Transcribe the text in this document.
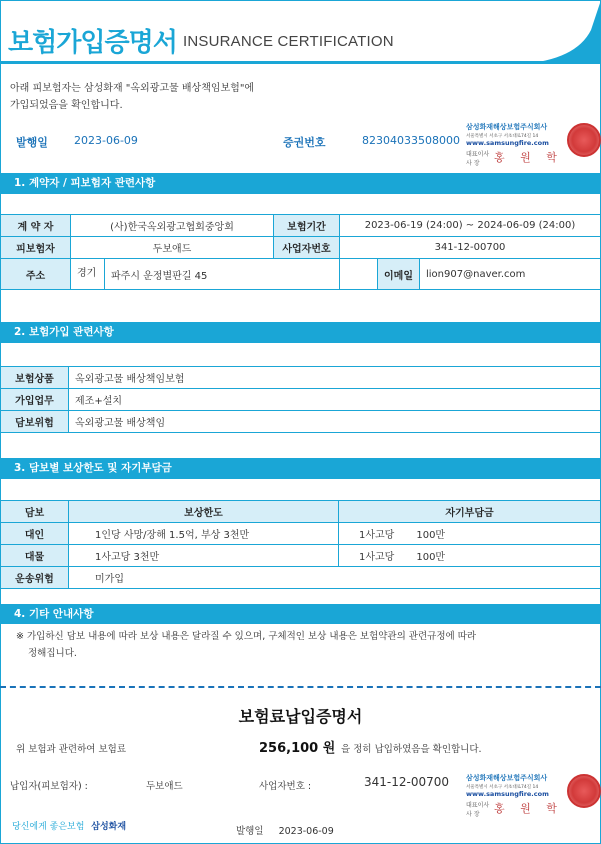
보험가입증명서 INSURANCE CERTIFICATION
아래 피보험자는 삼성화재 "옥외광고물 배상책임보험"에
가입되었음을 확인합니다.
발행일 2023-06-09	증권번호	82304033508000
삼성화재해상보험주식회사
서울특별시 서초구 서초대로74길 14
www.samsungfire.com
대표이사
사 장	홍 원 학
1. 계약자 / 피보험자 관련사항
계 약 자	(사)한국옥외광고협회중앙회	보험기간	2023-06-19 (24:00) ~ 2024-06-09 (24:00)		
피보험자	두보애드	사업자번호	341-12-00700		
주소	경기 파주시 운정별판길 45			이메일	lion907@naver.com
2. 보험가입 관련사항
보험상품	옥외광고물 배상책임보험
가입업무	제조+설치
담보위험	옥외광고물 배상책임
3. 담보별 보상한도 및 자기부담금
담보	보상한도	자기부담금
대인	1인당 사망/장해 1.5억, 부상 3천만	1사고당 100만
대물	1사고당 3천만	1사고당 100만
운송위험	미가입	
4. 기타 안내사항
※ 가입하신 담보 내용에 따라 보상 내용은 달라질 수 있으며, 구체적인 보상 내용은 보험약관의 관련규정에 따라
정해집니다.
보험료납입증명서
위 보험과 관련하여 보험료	256,100 원 을 정히 납입하였음을 확인합니다.
납입자(피보험자) :	두보애드	사업자번호 :	341-12-00700 삼성화재해상보험주식회사
서울특별시 서초구 서초대로74길 14
www.samsungfire.com
대표이사
사 장	홍 원 학
당신에게 좋은보험 삼성화재	발행일 2023-06-09
